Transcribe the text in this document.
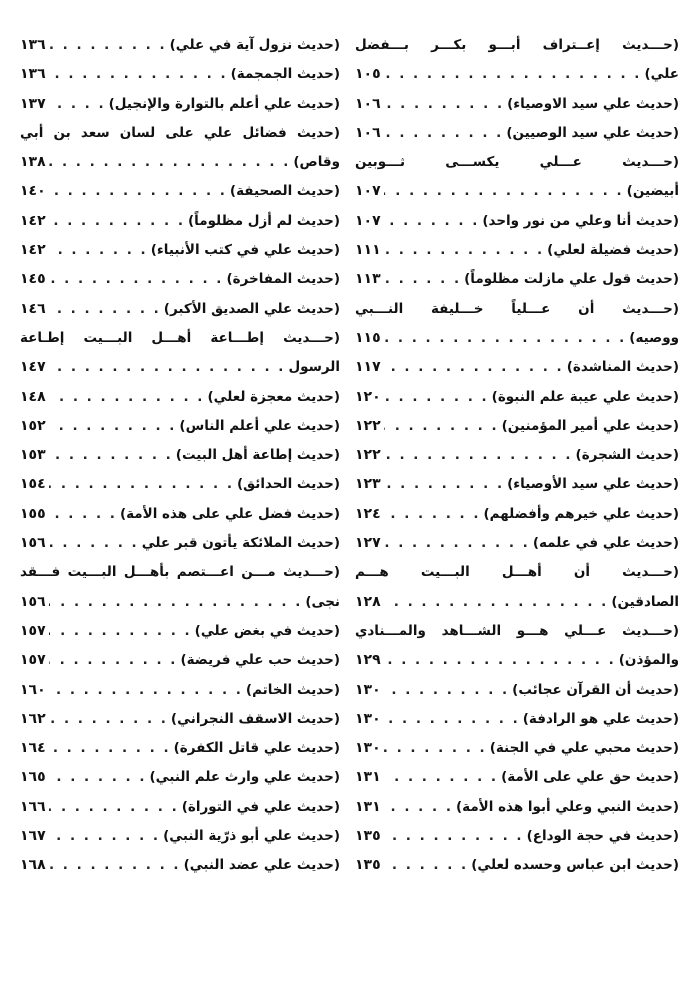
(حـــديث إعــتراف أبـــو بكـــر بـــفضل
علي)
. . .
١٠٥
(حديث علي سيد الاوصياء)
. . .
١٠٦
(حديث علي سيد الوصيين)
. . .
١٠٦
(حـــديث عـــلي يكســـى ثـــوبين
أبيضين)
. . .
١٠٧
(حديث أنا وعلي من نور واحد)
. . .
١٠٧
(حديث فضيلة لعلي)
. . .
١١١
(حديث قول علي مازلت مظلوماً)
. . .
١١٣
(حـــديث أن عـــلياً خـــليفة النـــبي
ووصيه)
. . .
١١٥
(حديث المناشدة)
. . .
١١٧
(حديث علي عيبة علم النبوة)
. . .
١٢٠
(حديث علي أمير المؤمنين)
. . .
١٢٢
(حديث الشجرة)
. . .
١٢٢
(حديث علي سيد الأوصياء)
. . .
١٢٣
(حديث علي خيرهم وأفضلهم)
. . .
١٢٤
(حديث علي في علمه)
. . .
١٢٧
(حـــديث أن أهـــل البـــيت هـــم
الصادقين)
. . .
١٢٨
(حـــديث عـــلي هـــو الشـــاهد والمـــنادي
والمؤذن)
. . .
١٢٩
(حديث أن القرآن عجائب)
. . .
١٣٠
(حديث علي هو الرادفة)
. . .
١٣٠
(حديث محبي علي في الجنة)
. . .
١٣٠
(حديث حق علي على الأمة)
. . .
١٣١
(حديث النبي وعلي أبوا هذه الأمة)
. . .
١٣١
(حديث في حجة الوداع)
. . .
١٣٥
(حديث ابن عباس وحسده لعلي)
. . .
١٣٥
(حديث نزول آية في علي)
. . .
١٣٦
(حديث الجمجمة)
. . .
١٣٦
(حديث علي أعلم بالتوارة والإنجيل)
. . .
١٣٧
(حديث فضائل علي على لسان سعد بن أبي
وقاص)
. . .
١٣٨
(حديث الصحيفة)
. . .
١٤٠
(حديث لم أزل مظلوماً)
. . .
١٤٢
(حديث علي في كتب الأنبياء)
. . .
١٤٢
(حديث المفاخرة)
. . .
١٤٥
(حديث علي الصديق الأكبر)
. . .
١٤٦
(حـــديث إطـــاعة أهـــل البـــيت إطـاعة
الرسول
. . .
١٤٧
(حديث معجزة لعلي)
. . .
١٤٨
(حديث علي أعلم الناس)
. . .
١٥٢
(حديث إطاعة أهل البيت)
. . .
١٥٣
(حديث الحدائق)
. . .
١٥٤
(حديث فضل علي على هذه الأمة)
. . .
١٥٥
(حديث الملائكة يأتون قبر علي
. . .
١٥٦
(حـــديث مـــن اعـــتصم بأهـــل البـــيت فـــقد
نجى)
. . .
١٥٦
(حديث في بغض علي)
. . .
١٥٧
(حديث حب علي فريضة)
. . .
١٥٧
(حديث الخاتم)
. . .
١٦٠
(حديث الاسقف النجراني)
. . .
١٦٢
(حديث علي قاتل الكفرة)
. . .
١٦٤
(حديث علي وارث علم النبي)
. . .
١٦٥
(حديث علي في التوراة)
. . .
١٦٦
(حديث علي أبو ذرّية النبي)
. . .
١٦٧
(حديث علي عضد النبي)
. . .
١٦٨
